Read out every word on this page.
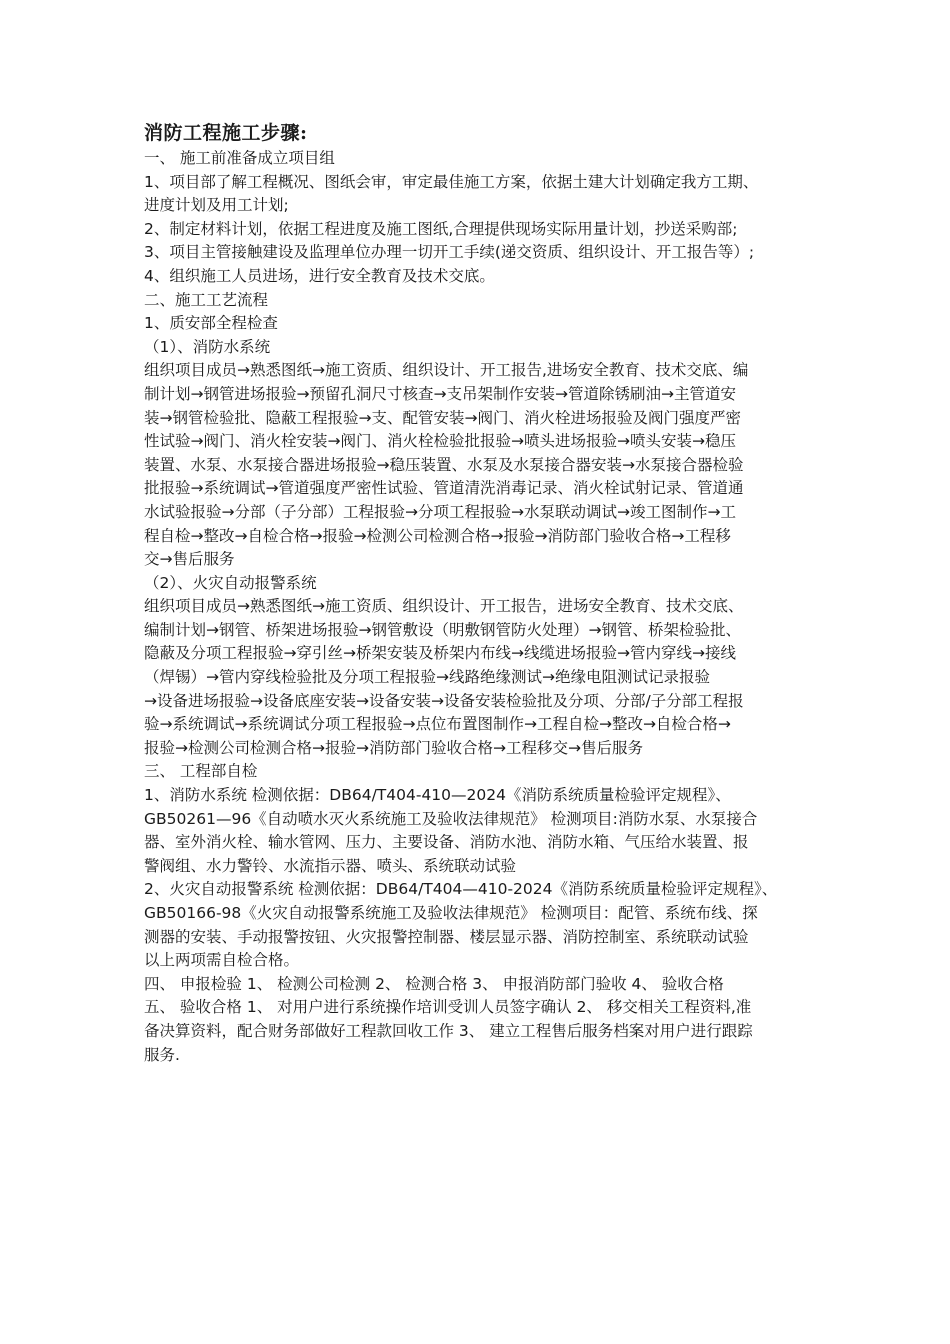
消防工程施工步骤:
一、 施工前准备成立项目组
1、项目部了解工程概况、图纸会审，审定最佳施工方案，依据土建大计划确定我方工期、
进度计划及用工计划;
2、制定材料计划，依据工程进度及施工图纸,合理提供现场实际用量计划，抄送采购部;
3、项目主管接触建设及监理单位办理一切开工手续(递交资质、组织设计、开工报告等）;
4、组织施工人员进场，进行安全教育及技术交底。
二、施工工艺流程
1、质安部全程检查
（1）、消防水系统
组织项目成员→熟悉图纸→施工资质、组织设计、开工报告,进场安全教育、技术交底、编
制计划→钢管进场报验→预留孔洞尺寸核查→支吊架制作安装→管道除锈刷油→主管道安
装→钢管检验批、隐蔽工程报验→支、配管安装→阀门、消火栓进场报验及阀门强度严密
性试验→阀门、消火栓安装→阀门、消火栓检验批报验→喷头进场报验→喷头安装→稳压
装置、水泵、水泵接合器进场报验→稳压装置、水泵及水泵接合器安装→水泵接合器检验
批报验→系统调试→管道强度严密性试验、管道清洗消毒记录、消火栓试射记录、管道通
水试验报验→分部（子分部）工程报验→分项工程报验→水泵联动调试→竣工图制作→工
程自检→整改→自检合格→报验→检测公司检测合格→报验→消防部门验收合格→工程移
交→售后服务
（2）、火灾自动报警系统
组织项目成员→熟悉图纸→施工资质、组织设计、开工报告，进场安全教育、技术交底、
编制计划→钢管、桥架进场报验→钢管敷设（明敷钢管防火处理）→钢管、桥架检验批、
隐蔽及分项工程报验→穿引丝→桥架安装及桥架内布线→线缆进场报验→管内穿线→接线
（焊锡）→管内穿线检验批及分项工程报验→线路绝缘测试→绝缘电阻测试记录报验
→设备进场报验→设备底座安装→设备安装→设备安装检验批及分项、分部/子分部工程报
验→系统调试→系统调试分项工程报验→点位布置图制作→工程自检→整改→自检合格→
报验→检测公司检测合格→报验→消防部门验收合格→工程移交→售后服务
三、 工程部自检
1、消防水系统 检测依据：DB64/T404-410—2024《消防系统质量检验评定规程》、
GB50261—96《自动喷水灭火系统施工及验收法律规范》 检测项目:消防水泵、水泵接合
器、室外消火栓、输水管网、压力、主要设备、消防水池、消防水箱、气压给水装置、报
警阀组、水力警铃、水流指示器、喷头、系统联动试验
2、火灾自动报警系统 检测依据：DB64/T404—410-2024《消防系统质量检验评定规程》、
GB50166-98《火灾自动报警系统施工及验收法律规范》 检测项目：配管、系统布线、探
测器的安装、手动报警按钮、火灾报警控制器、楼层显示器、消防控制室、系统联动试验
以上两项需自检合格。
四、 申报检验 1、 检测公司检测 2、 检测合格 3、 申报消防部门验收 4、 验收合格
五、 验收合格 1、 对用户进行系统操作培训受训人员签字确认 2、 移交相关工程资料,准
备决算资料，配合财务部做好工程款回收工作 3、 建立工程售后服务档案对用户进行跟踪
服务.
